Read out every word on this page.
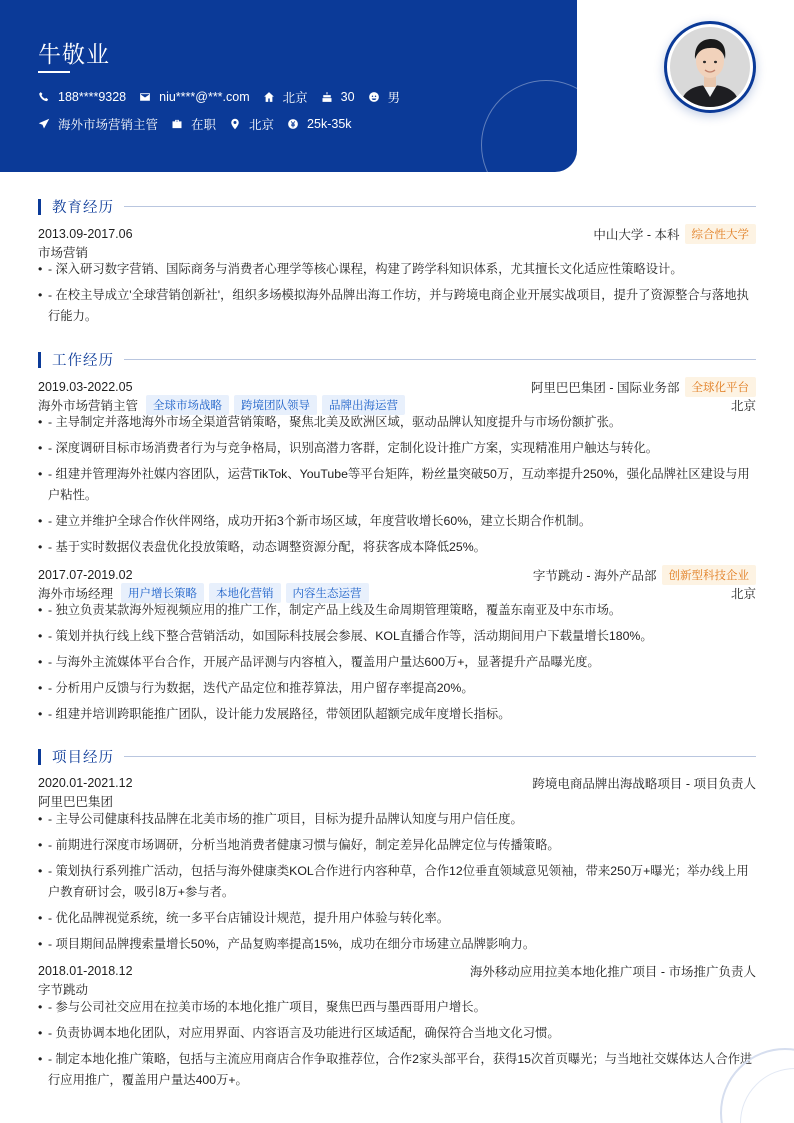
牛敬业
188****9328	niu****@***.com	北京	30	男
海外市场营销主管	在职	北京	25k-35k
教育经历
2013.09-2017.06	中山大学 - 本科	综合性大学
市场营销
• - 深入研习数字营销、国际商务与消费者心理学等核心课程，构建了跨学科知识体系，尤其擅长文化适应性策略设计。
• - 在校主导成立'全球营销创新社'，组织多场模拟海外品牌出海工作坊，并与跨境电商企业开展实战项目，提升了资源整合与落地执行能力。
工作经历
2019.03-2022.05	阿里巴巴集团 - 国际业务部	全球化平台
海外市场营销主管	全球市场战略	跨境团队领导	品牌出海运营	北京
• - 主导制定并落地海外市场全渠道营销策略，聚焦北美及欧洲区域，驱动品牌认知度提升与市场份额扩张。
• - 深度调研目标市场消费者行为与竞争格局，识别高潜力客群，定制化设计推广方案，实现精准用户触达与转化。
• - 组建并管理海外社媒内容团队，运营TikTok、YouTube等平台矩阵，粉丝量突破50万，互动率提升250%，强化品牌社区建设与用户粘性。
• - 建立并维护全球合作伙伴网络，成功开拓3个新市场区域，年度营收增长60%，建立长期合作机制。
• - 基于实时数据仪表盘优化投放策略，动态调整资源分配，将获客成本降低25%。
2017.07-2019.02	字节跳动 - 海外产品部	创新型科技企业
海外市场经理	用户增长策略	本地化营销	内容生态运营	北京
• - 独立负责某款海外短视频应用的推广工作，制定产品上线及生命周期管理策略，覆盖东南亚及中东市场。
• - 策划并执行线上线下整合营销活动，如国际科技展会参展、KOL直播合作等，活动期间用户下载量增长180%。
• - 与海外主流媒体平台合作，开展产品评测与内容植入，覆盖用户量达600万+，显著提升产品曝光度。
• - 分析用户反馈与行为数据，迭代产品定位和推荐算法，用户留存率提高20%。
• - 组建并培训跨职能推广团队，设计能力发展路径，带领团队超额完成年度增长指标。
项目经历
2020.01-2021.12	跨境电商品牌出海战略项目 - 项目负责人
阿里巴巴集团
• - 主导公司健康科技品牌在北美市场的推广项目，目标为提升品牌认知度与用户信任度。
• - 前期进行深度市场调研，分析当地消费者健康习惯与偏好，制定差异化品牌定位与传播策略。
• - 策划执行系列推广活动，包括与海外健康类KOL合作进行内容种草，合作12位垂直领域意见领袖，带来250万+曝光；举办线上用户教育研讨会，吸引8万+参与者。
• - 优化品牌视觉系统，统一多平台店铺设计规范，提升用户体验与转化率。
• - 项目期间品牌搜索量增长50%，产品复购率提高15%，成功在细分市场建立品牌影响力。
2018.01-2018.12	海外移动应用拉美本地化推广项目 - 市场推广负责人
字节跳动
• - 参与公司社交应用在拉美市场的本地化推广项目，聚焦巴西与墨西哥用户增长。
• - 负责协调本地化团队，对应用界面、内容语言及功能进行区域适配，确保符合当地文化习惯。
• - 制定本地化推广策略，包括与主流应用商店合作争取推荐位，合作2家头部平台，获得15次首页曝光；与当地社交媒体达人合作进行应用推广，覆盖用户量达400万+。
